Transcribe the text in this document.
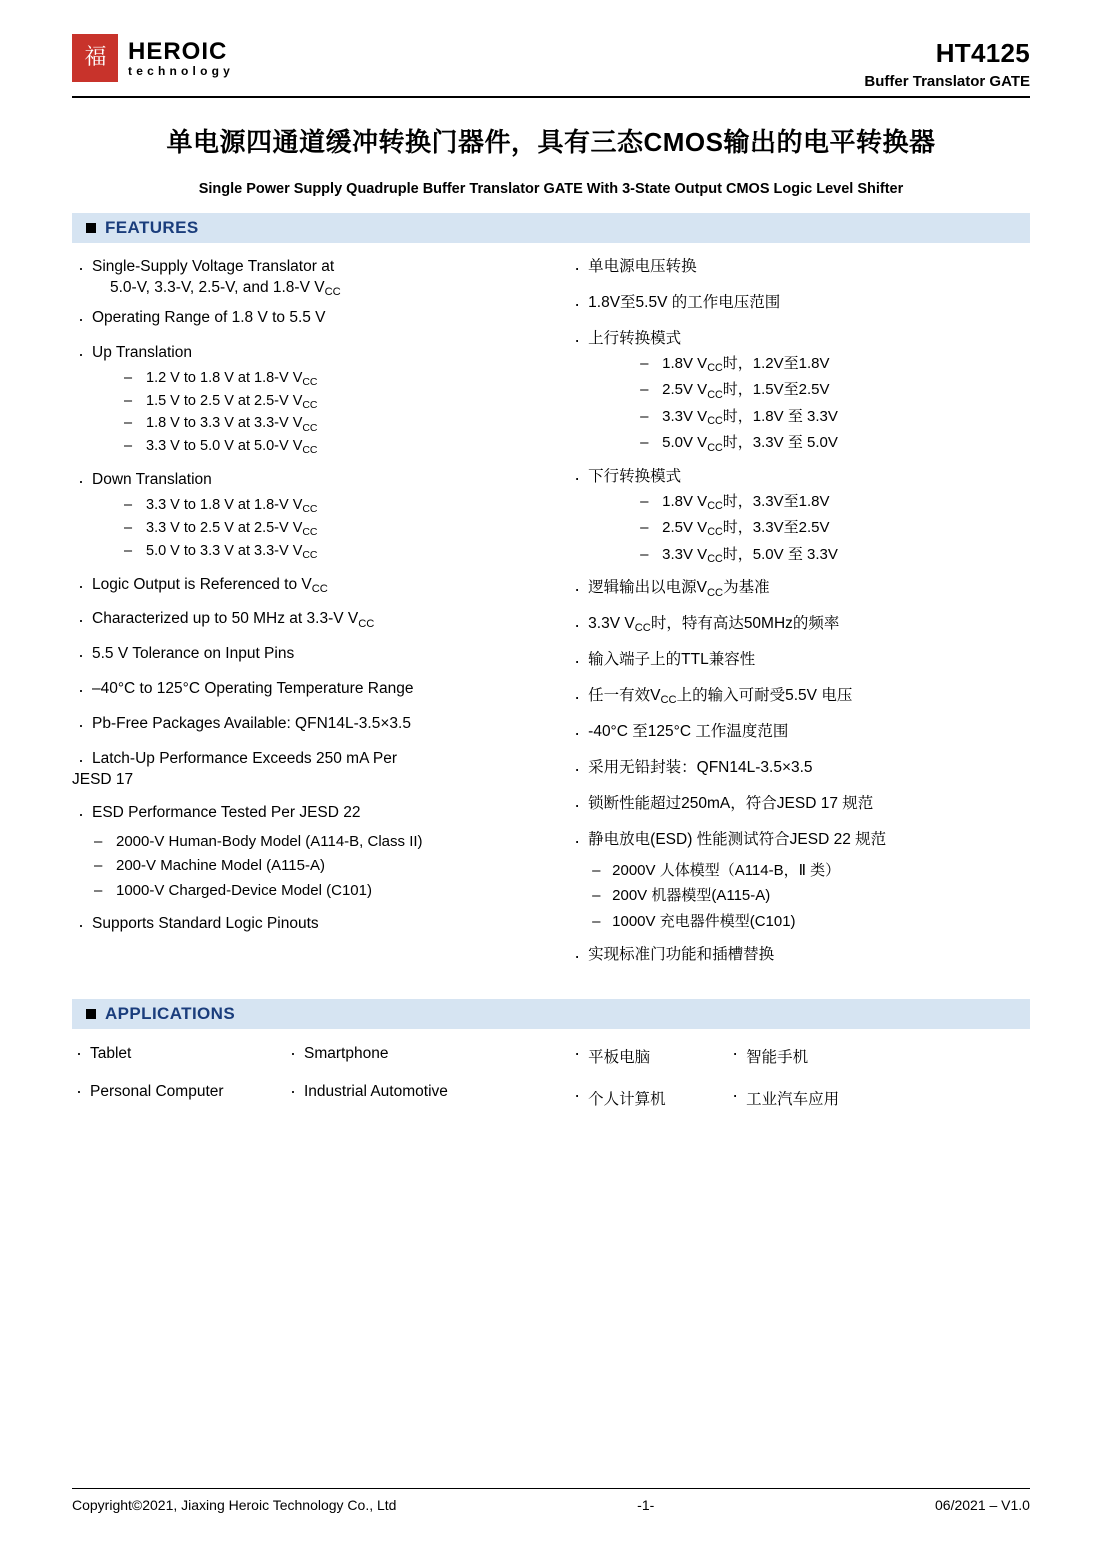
福 HEROIC
technology
HT4125
Buffer Translator GATE
单电源四通道缓冲转换门器件，具有三态CMOS输出的电平转换器
Single Power Supply Quadruple Buffer Translator GATE With 3-State Output CMOS Logic Level Shifter
FEATURES
· Single-Supply Voltage Translator at
5.0-V, 3.3-V, 2.5-V, and 1.8-V $V_{CC}$
· Operating Range of 1.8 V to 5.5 V
· Up Translation
– 1.2 V to 1.8 V at 1.8-V $V_{CC}$
– 1.5 V to 2.5 V at 2.5-V $V_{CC}$
– 1.8 V to 3.3 V at 3.3-V $V_{CC}$
– 3.3 V to 5.0 V at 5.0-V $V_{CC}$
· Down Translation
– 3.3 V to 1.8 V at 1.8-V $V_{CC}$
– 3.3 V to 2.5 V at 2.5-V $V_{CC}$
– 5.0 V to 3.3 V at 3.3-V $V_{CC}$
· Logic Output is Referenced to $V_{CC}$
· Characterized up to 50 MHz at 3.3-V $V_{CC}$
· 5.5 V Tolerance on Input Pins
· –40°C to 125°C Operating Temperature Range
· Pb-Free Packages Available: QFN14L-3.5×3.5
· Latch-Up Performance Exceeds 250 mA Per
JESD 17
· ESD Performance Tested Per JESD 22
– 2000-V Human-Body Model (A114-B, Class II)
– 200-V Machine Model (A115-A)
– 1000-V Charged-Device Model (C101)
· Supports Standard Logic Pinouts
· 单电源电压转换
· 1.8V至5.5V 的工作电压范围
· 上行转换模式
– 1.8V $V_{CC}$时，1.2V至1.8V
– 2.5V $V_{CC}$时，1.5V至2.5V
– 3.3V $V_{CC}$时，1.8V 至 3.3V
– 5.0V $V_{CC}$时，3.3V 至 5.0V
· 下行转换模式
– 1.8V $V_{CC}$时，3.3V至1.8V
– 2.5V $V_{CC}$时，3.3V至2.5V
– 3.3V $V_{CC}$时，5.0V 至 3.3V
· 逻辑输出以电源$V_{CC}$为基准
· 3.3V $V_{CC}$时，特有高达50MHz的频率
· 输入端子上的TTL兼容性
· 任一有效$V_{CC}$上的输入可耐受5.5V 电压
· -40°C 至125°C 工作温度范围
· 采用无铅封装：QFN14L-3.5×3.5
· 锁断性能超过250mA，符合JESD 17 规范
· 静电放电(ESD) 性能测试符合JESD 22 规范
– 2000V 人体模型（A114-B，Ⅱ 类）
– 200V 机器模型(A115-A)
– 1000V 充电器件模型(C101)
· 实现标准门功能和插槽替换
APPLICATIONS
· Tablet	· Smartphone
· Personal Computer	· Industrial Automotive
· 平板电脑	· 智能手机
· 个人计算机	· 工业汽车应用
Copyright©2021, Jiaxing Heroic Technology Co., Ltd	-1-	06/2021 – V1.0
